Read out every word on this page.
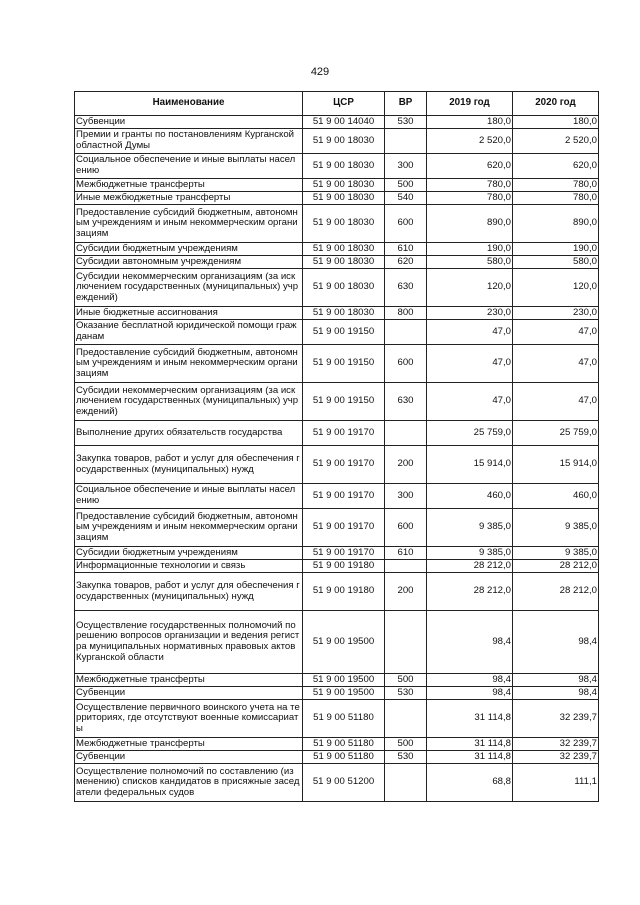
429
Наименование	ЦСР	ВР	2019 год	2020 год
Субвенции	51 9 00 14040	530	180,0	180,0
Премии и гранты по постановлениям Курганской областной Думы	51 9 00 18030		2 520,0	2 520,0
Социальное обеспечение и иные выплаты населению	51 9 00 18030	300	620,0	620,0
Межбюджетные трансферты	51 9 00 18030	500	780,0	780,0
Иные межбюджетные трансферты	51 9 00 18030	540	780,0	780,0
Предоставление субсидий бюджетным, автономным учреждениям и иным некоммерческим организациям	51 9 00 18030	600	890,0	890,0
Субсидии бюджетным учреждениям	51 9 00 18030	610	190,0	190,0
Субсидии автономным учреждениям	51 9 00 18030	620	580,0	580,0
Субсидии некоммерческим организациям (за исключением государственных (муниципальных) учреждений)	51 9 00 18030	630	120,0	120,0
Иные бюджетные ассигнования	51 9 00 18030	800	230,0	230,0
Оказание бесплатной юридической помощи гражданам	51 9 00 19150		47,0	47,0
Предоставление субсидий бюджетным, автономным учреждениям и иным некоммерческим организациям	51 9 00 19150	600	47,0	47,0
Субсидии некоммерческим организациям (за исключением государственных (муниципальных) учреждений)	51 9 00 19150	630	47,0	47,0
Выполнение других обязательств государства	51 9 00 19170		25 759,0	25 759,0
Закупка товаров, работ и услуг для обеспечения государственных (муниципальных) нужд	51 9 00 19170	200	15 914,0	15 914,0
Социальное обеспечение и иные выплаты населению	51 9 00 19170	300	460,0	460,0
Предоставление субсидий бюджетным, автономным учреждениям и иным некоммерческим организациям	51 9 00 19170	600	9 385,0	9 385,0
Субсидии бюджетным учреждениям	51 9 00 19170	610	9 385,0	9 385,0
Информационные технологии и связь	51 9 00 19180		28 212,0	28 212,0
Закупка товаров, работ и услуг для обеспечения государственных (муниципальных) нужд	51 9 00 19180	200	28 212,0	28 212,0
Осуществление государственных полномочий по решению вопросов организации и ведения регистра муниципальных нормативных правовых актов Курганской области	51 9 00 19500		98,4	98,4
Межбюджетные трансферты	51 9 00 19500	500	98,4	98,4
Субвенции	51 9 00 19500	530	98,4	98,4
Осуществление первичного воинского учета на территориях, где отсутствуют военные комиссариаты	51 9 00 51180		31 114,8	32 239,7
Межбюджетные трансферты	51 9 00 51180	500	31 114,8	32 239,7
Субвенции	51 9 00 51180	530	31 114,8	32 239,7
Осуществление полномочий по составлению (изменению) списков кандидатов в присяжные заседатели федеральных судов	51 9 00 51200		68,8	111,1
